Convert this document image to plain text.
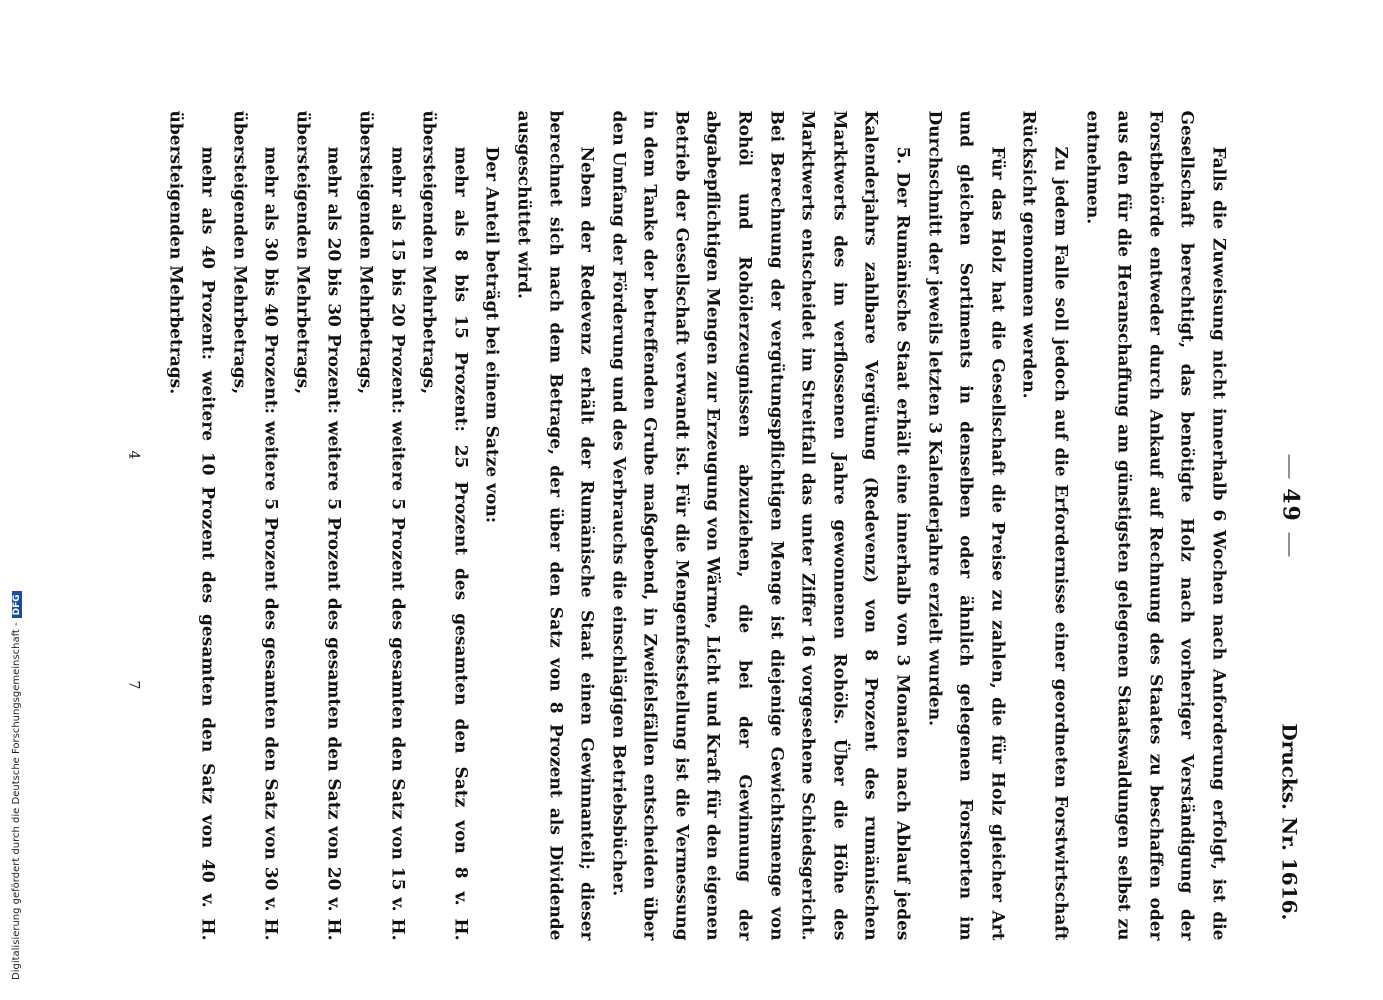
49
Drucks. Nr. 1616.

Falls die Zuweisung nicht innerhalb 6 Wochen nach Anforderung erfolgt, ist die Gesellschaft berechtigt, das benötigte Holz nach vorheriger Verständigung der Forstbehörde entweder durch Ankauf auf Rechnung des Staates zu beschaffen oder aus den für die Heranschaffung am günstigsten gelegenen Staatswaldungen selbst zu entnehmen.

Zu jedem Falle soll jedoch auf die Erfordernisse einer geordneten Forstwirtschaft Rücksicht genommen werden.

Für das Holz hat die Gesellschaft die Preise zu zahlen, die für Holz gleicher Art und gleichen Sortiments in denselben oder ähnlich gelegenen Forstorten im Durchschnitt der jeweils letzten 3 Kalenderjahre erzielt wurden.

5. Der Rumänische Staat erhält eine innerhalb von 3 Monaten nach Ablauf jedes Kalenderjahrs zahlbare Vergütung (Redevenz) von 8 Prozent des rumänischen Marktwerts des im verflossenen Jahre gewonnenen Rohöls. Über die Höhe des Marktwerts entscheidet im Streitfall das unter Ziffer 16 vorgesehene Schiedsgericht. Bei Berechnung der vergütungspflichtigen Menge ist diejenige Gewichtsmenge von Rohöl und Rohölerzeugnissen abzuziehen, die bei der Gewinnung der abgabepflichtigen Mengen zur Erzeugung von Wärme, Licht und Kraft für den eigenen Betrieb der Gesellschaft verwandt ist. Für die Mengenfeststellung ist die Vermessung in dem Tanke der betreffenden Grube maßgebend, in Zweifelsfällen entscheiden über den Umfang der Förderung und des Verbrauchs die einschlägigen Betriebsbücher.

Neben der Redevenz erhält der Rumänische Staat einen Gewinnanteil; dieser berechnet sich nach dem Betrage, der über den Satz von 8 Prozent als Dividende ausgeschüttet wird.

Der Anteil beträgt bei einem Satze von:

mehr als 8 bis 15 Prozent: 25 Prozent des gesamten den Satz von 8 v. H. übersteigenden Mehrbetrags,

mehr als 15 bis 20 Prozent: weitere 5 Prozent des gesamten den Satz von 15 v. H. übersteigenden Mehrbetrags,

mehr als 20 bis 30 Prozent: weitere 5 Prozent des gesamten den Satz von 20 v. H. übersteigenden Mehrbetrags,

mehr als 30 bis 40 Prozent: weitere 5 Prozent des gesamten den Satz von 30 v. H. übersteigenden Mehrbetrags,

mehr als 40 Prozent: weitere 10 Prozent des gesamten den Satz von 40 v. H. übersteigenden Mehrbetrags.

4
7
Digitalisierung gefördert durch die Deutsche Forschungsgemeinschaft -DFG
